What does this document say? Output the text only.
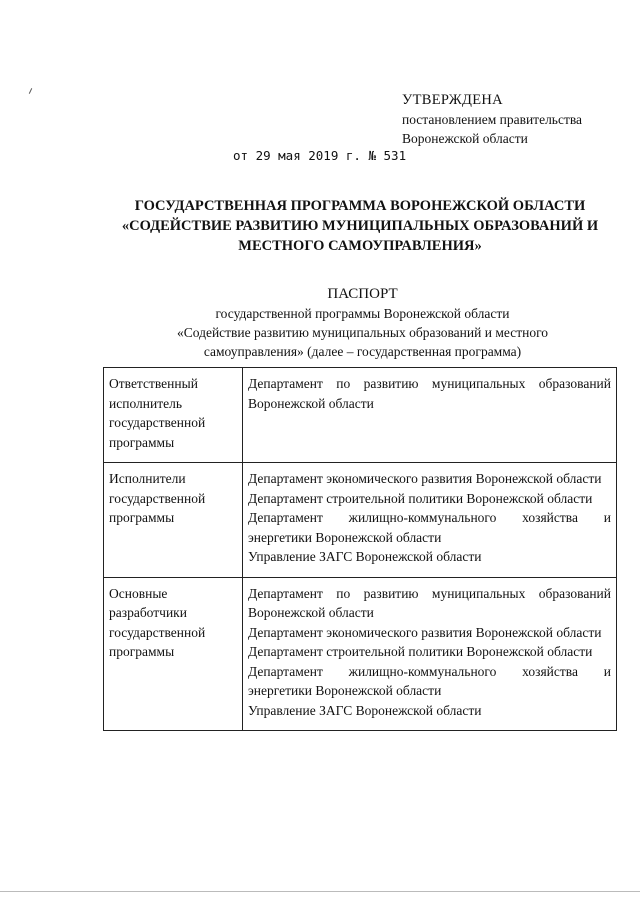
УТВЕРЖДЕНА
постановлением правительства
Воронежской области
от 29 мая 2019 г. № 531
ГОСУДАРСТВЕННАЯ ПРОГРАММА ВОРОНЕЖСКОЙ ОБЛАСТИ
«СОДЕЙСТВИЕ РАЗВИТИЮ МУНИЦИПАЛЬНЫХ ОБРАЗОВАНИЙ И
МЕСТНОГО САМОУПРАВЛЕНИЯ»
ПАСПОРТ
государственной программы Воронежской области
«Содействие развитию муниципальных образований и местного
самоуправления» (далее – государственная программа)
Ответственный исполнитель государственной программы	Департамент по развитию муниципальных образований Воронежской области

Исполнители государственной программы	Департамент экономического развития Воронежской области

Департамент строительной политики Воронежской области

Департамент жилищно-коммунального хозяйства и энергетики Воронежской области

Управление ЗАГС Воронежской области

Основные разработчики государственной программы	Департамент по развитию муниципальных образований Воронежской области

Департамент экономического развития Воронежской области

Департамент строительной политики Воронежской области

Департамент жилищно-коммунального хозяйства и энергетики Воронежской области

Управление ЗАГС Воронежской области
